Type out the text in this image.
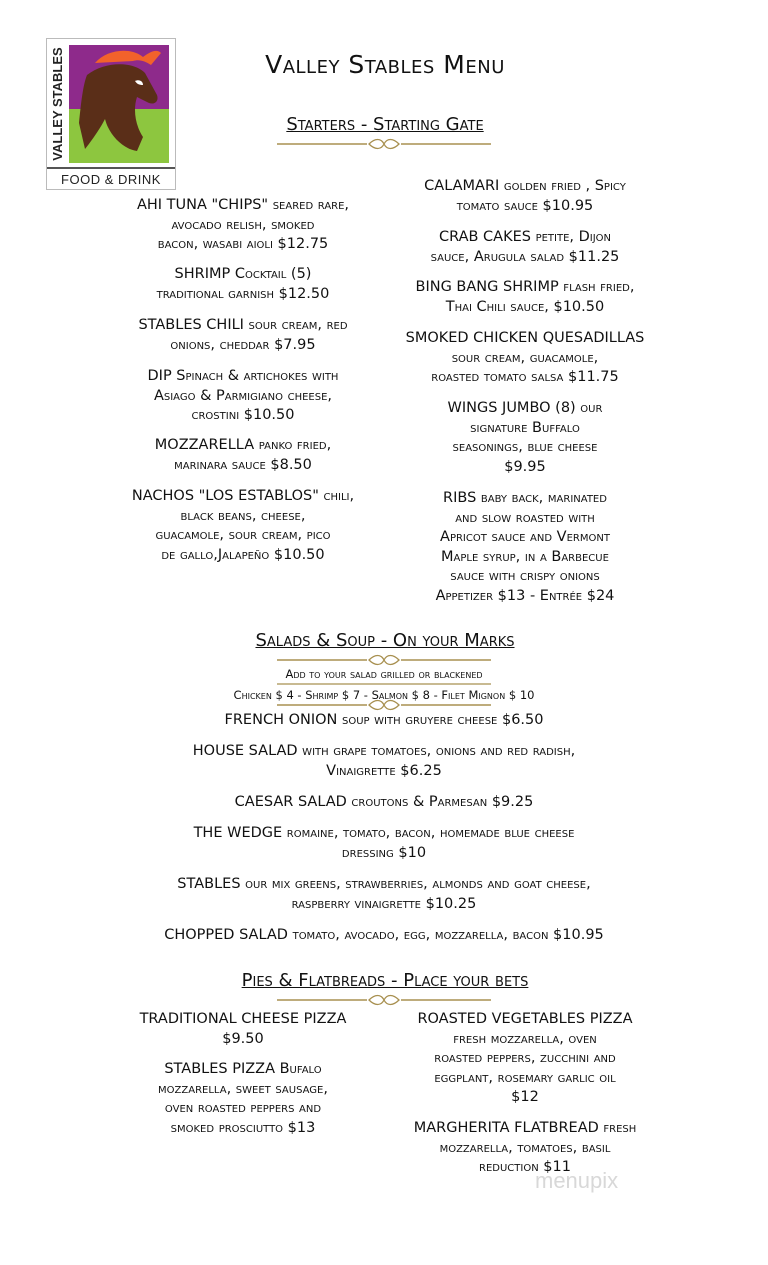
VALLEY STABLES
FOOD & DRINK
Valley Stables Menu
Starters - Starting Gate
AHI TUNA "CHIPS" seared rare,
avocado relish, smoked
bacon, wasabi aioli $12.75
SHRIMP Cocktail (5)
traditional garnish $12.50
STABLES CHILI sour cream, red
onions, cheddar $7.95
DIP Spinach & artichokes with
Asiago & Parmigiano cheese,
crostini $10.50
MOZZARELLA panko fried,
marinara sauce $8.50
NACHOS "LOS ESTABLOS" chili,
black beans, cheese,
guacamole, sour cream, pico
de gallo,Jalapeño $10.50
CALAMARI golden fried , Spicy
tomato sauce $10.95
CRAB CAKES petite, Dijon
sauce, Arugula salad $11.25
BING BANG SHRIMP flash fried,
Thai Chili sauce, $10.50
SMOKED CHICKEN QUESADILLAS
sour cream, guacamole,
roasted tomato salsa $11.75
WINGS JUMBO (8) our
signature Buffalo
seasonings, blue cheese
$9.95
RIBS baby back, marinated
and slow roasted with
Apricot sauce and Vermont
Maple syrup, in a Barbecue
sauce with crispy onions
Appetizer $13 - Entrée $24
Salads & Soup - On your Marks
Add to your salad grilled or blackened
Chicken $ 4 - Shrimp $ 7 - Salmon $ 8 - Filet Mignon $ 10
FRENCH ONION soup with gruyere cheese $6.50
HOUSE SALAD with grape tomatoes, onions and red radish,
Vinaigrette $6.25
CAESAR SALAD croutons & Parmesan $9.25
THE WEDGE romaine, tomato, bacon, homemade blue cheese
dressing $10
STABLES our mix greens, strawberries, almonds and goat cheese,
raspberry vinaigrette $10.25
CHOPPED SALAD tomato, avocado, egg, mozzarella, bacon $10.95
Pies & Flatbreads - Place your bets
TRADITIONAL CHEESE PIZZA
$9.50
STABLES PIZZA Bufalo
mozzarella, sweet sausage,
oven roasted peppers and
smoked prosciutto $13
ROASTED VEGETABLES PIZZA
fresh mozzarella, oven
roasted peppers, zucchini and
eggplant, rosemary garlic oil
$12
MARGHERITA FLATBREAD fresh
mozzarella, tomatoes, basil
reduction $11
menupix
